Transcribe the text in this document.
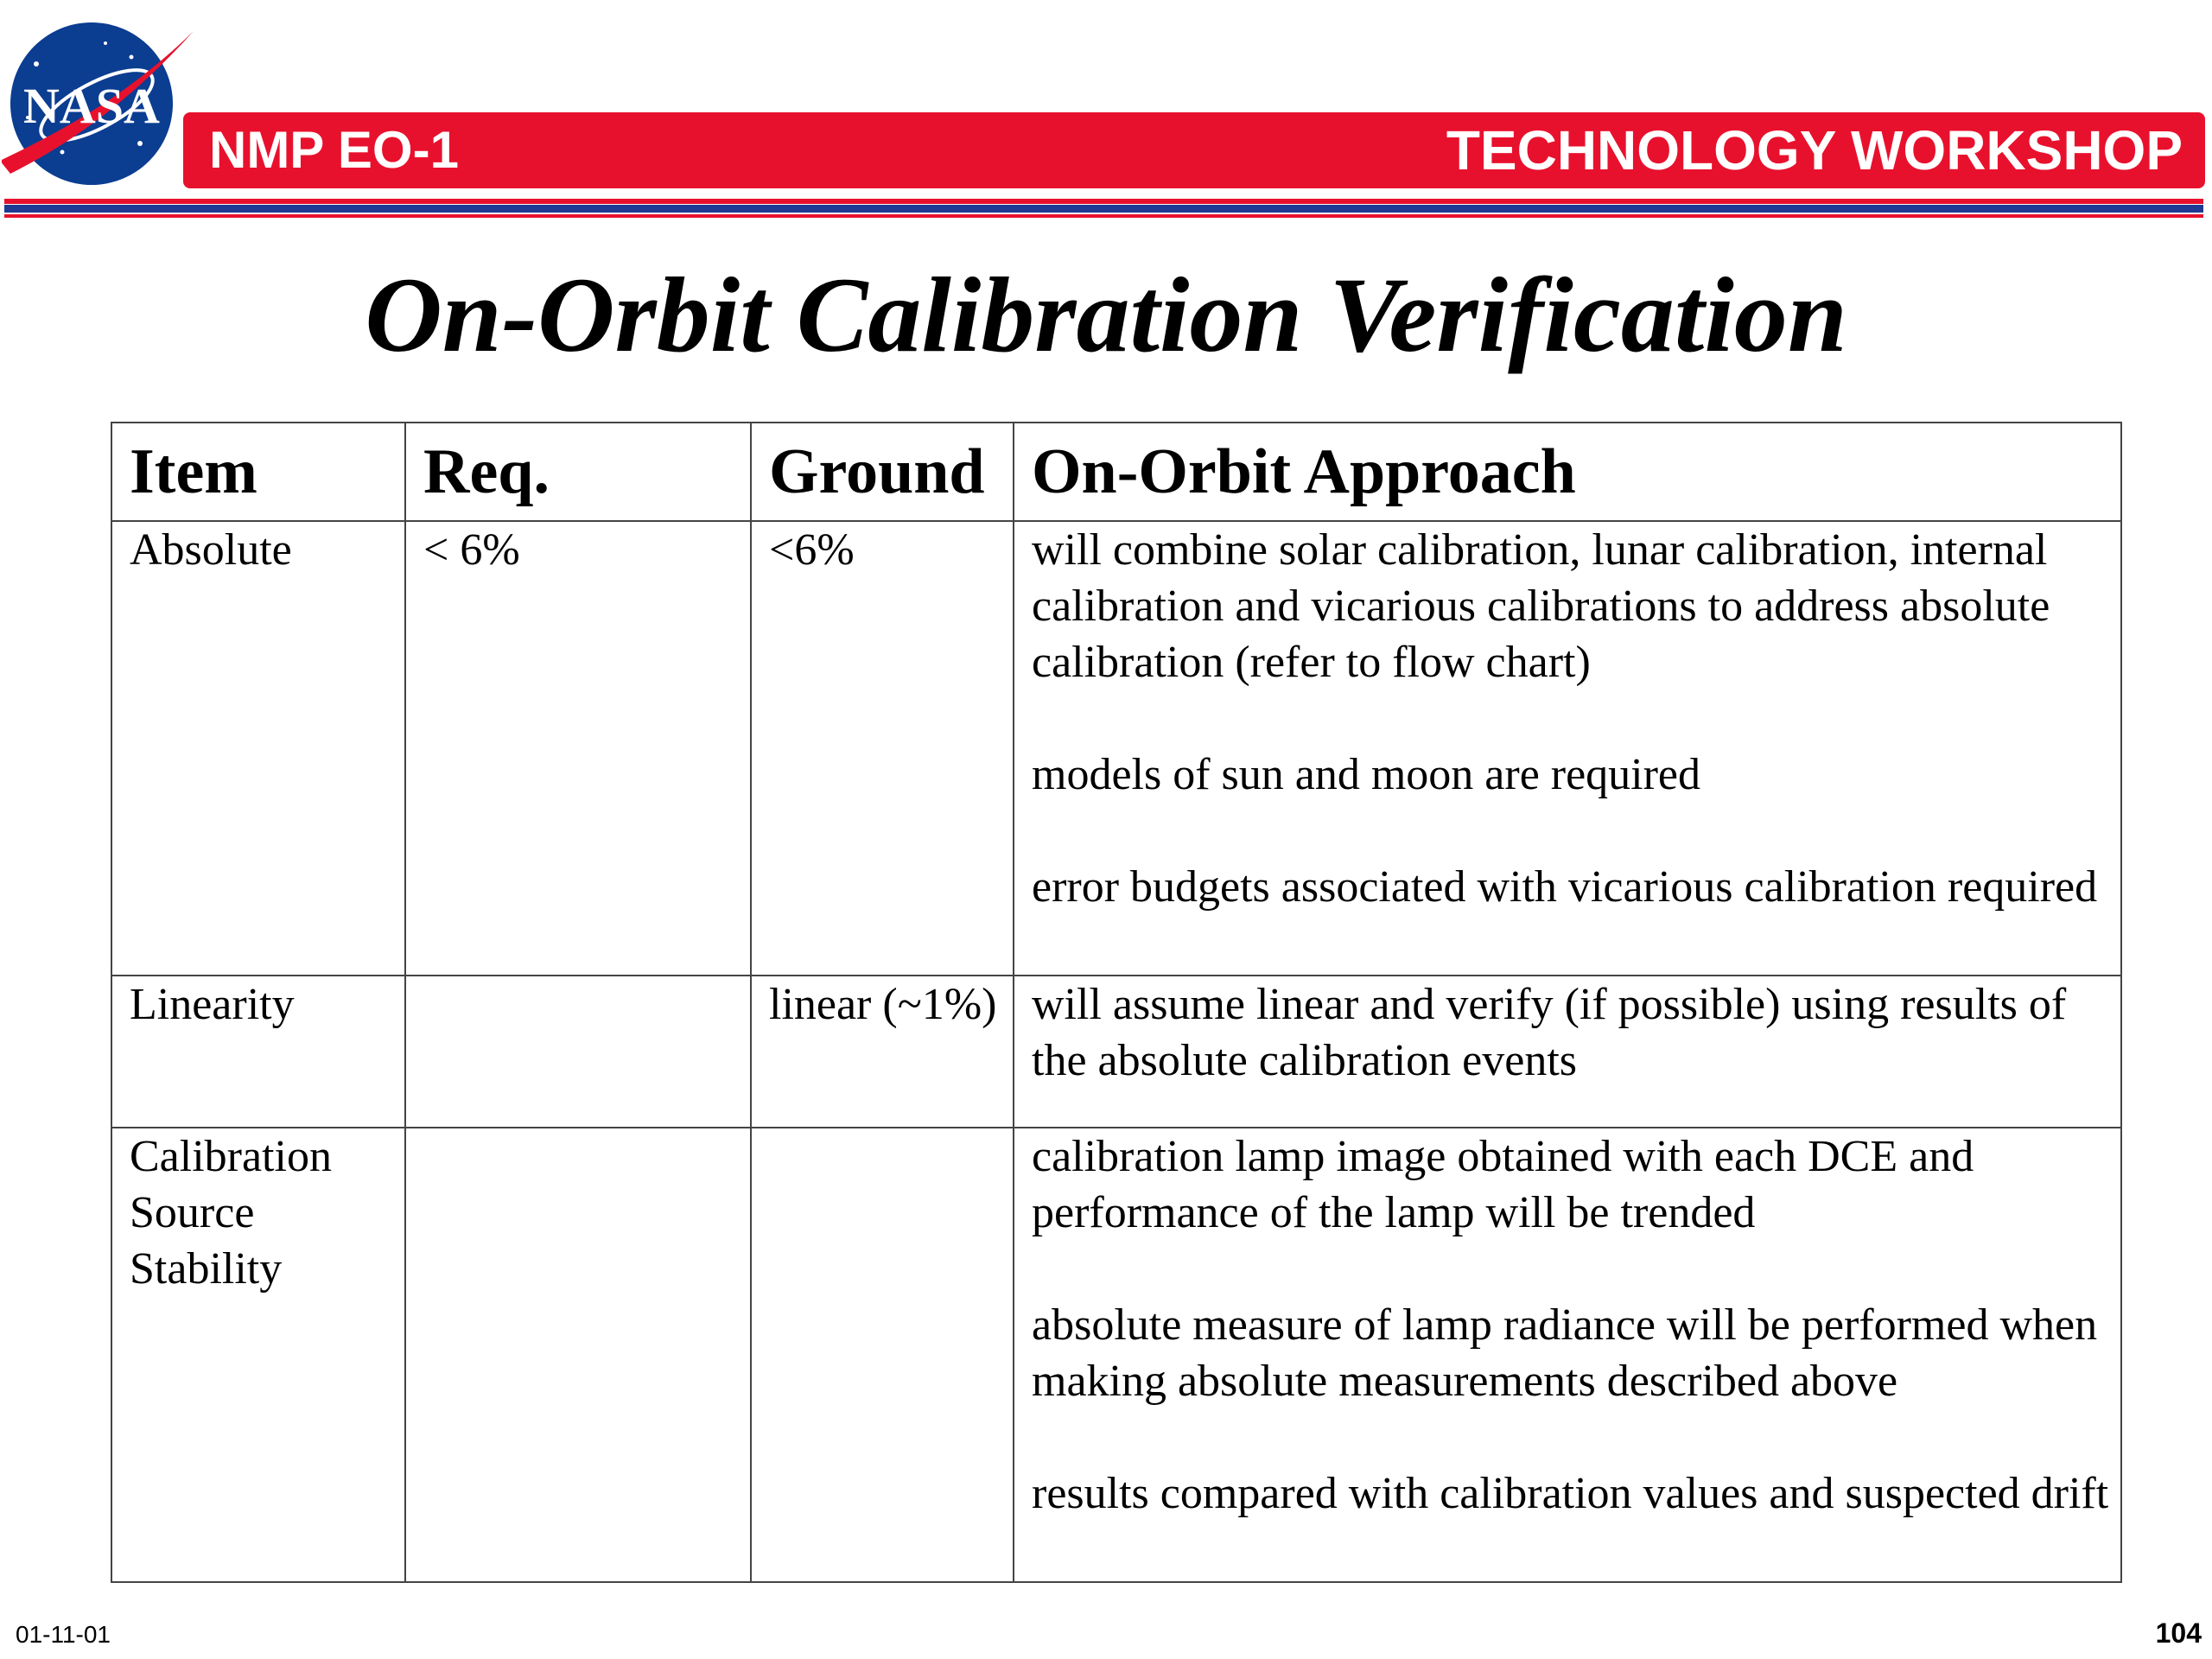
NASA
NMP EO-1	TECHNOLOGY WORKSHOP
On-Orbit Calibration Verification
Item	Req.	Ground	On-Orbit Approach
Absolute	< 6%	<6%	will combine solar calibration, lunar calibration, internal calibration and vicarious calibrations to address absolute calibration (refer to flow chart)

models of sun and moon are required

error budgets associated with vicarious calibration required

Linearity		linear (~1%)	will assume linear and verify (if possible) using results of the absolute calibration events

Calibration Source Stability			calibration lamp image obtained with each DCE and performance of the lamp will be trended

absolute measure of lamp radiance will be performed when making absolute measurements described above

results compared with calibration values and suspected drift

01-11-01	104
